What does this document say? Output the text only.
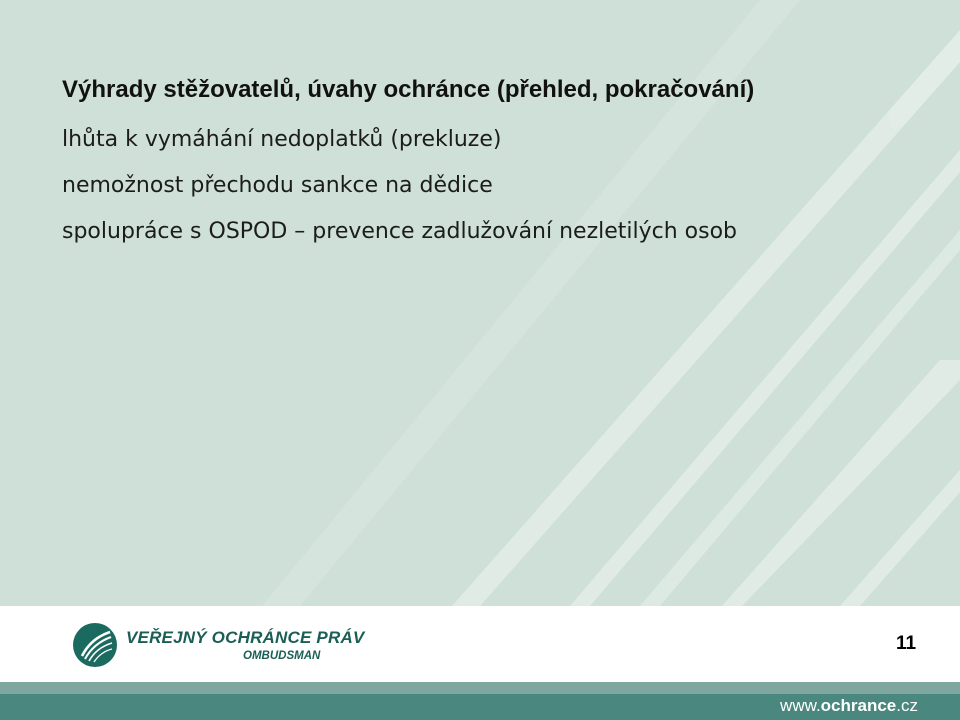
Výhrady stěžovatelů, úvahy ochránce (přehled, pokračování)
lhůta k vymáhání nedoplatků (prekluze)
nemožnost přechodu sankce na dědice
spolupráce s OSPOD – prevence zadlužování nezletilých osob
VEŘEJNÝ OCHRÁNCE PRÁV
OMBUDSMAN
11
www.ochrance.cz
